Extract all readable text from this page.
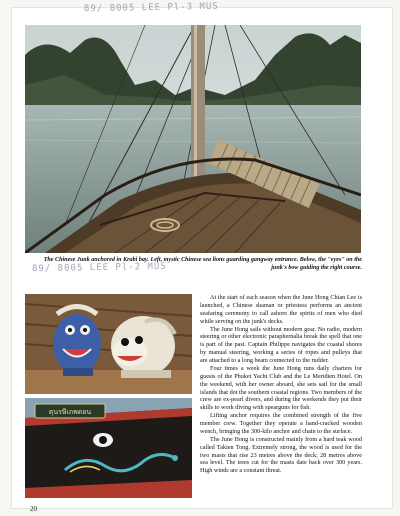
89/ 8005 LEE Pl-3 MUS
The Chinese Junk anchored in Krabi bay. Left, mystic Chinese sea lions guarding gangway entrance. Below, the "eyes" on the junk's bow guiding the right course.
89/ 8005 LEE Pl-2 MUS
ตุนรษีเถพดยน

At the start of each season when the June Hong Chian Lee is launched, a Chinese shaman or priestess performs an ancient seafaring ceremony to call ashore the spirits of men who died while serving on the junk's decks.

The June Hong sails without modern gear. No radio, modern steering or other electronic paraphernalia break the spell that one is part of the past. Captain Philippe navigates the coastal shores by manual steering, working a series of ropes and pulleys that are attached to a long beam connected to the rudder.

Four times a week the June Hong runs daily charters for guests of the Phuket Yacht Club and the Le Meridien Hotel. On the weekend, with her owner aboard, she sets sail for the small islands that dot the southern coastal regions. Two members of the crew are ex-pearl divers, and during the weekends they put their skills to work diving with spearguns for fish.

Lifting anchor requires the combined strength of the five member crew. Together they operate a hand-cracked wooden wench, bringing the 300-kilo anchor and chain to the surface.

The June Hong is constructed mainly from a hard teak wood called Takien Tong. Extremely strong, the wood is used for the two masts that rise 23 metres above the deck; 28 metres above sea level. The trees cut for the masts date back over 300 years. High winds are a constant threat.

20
